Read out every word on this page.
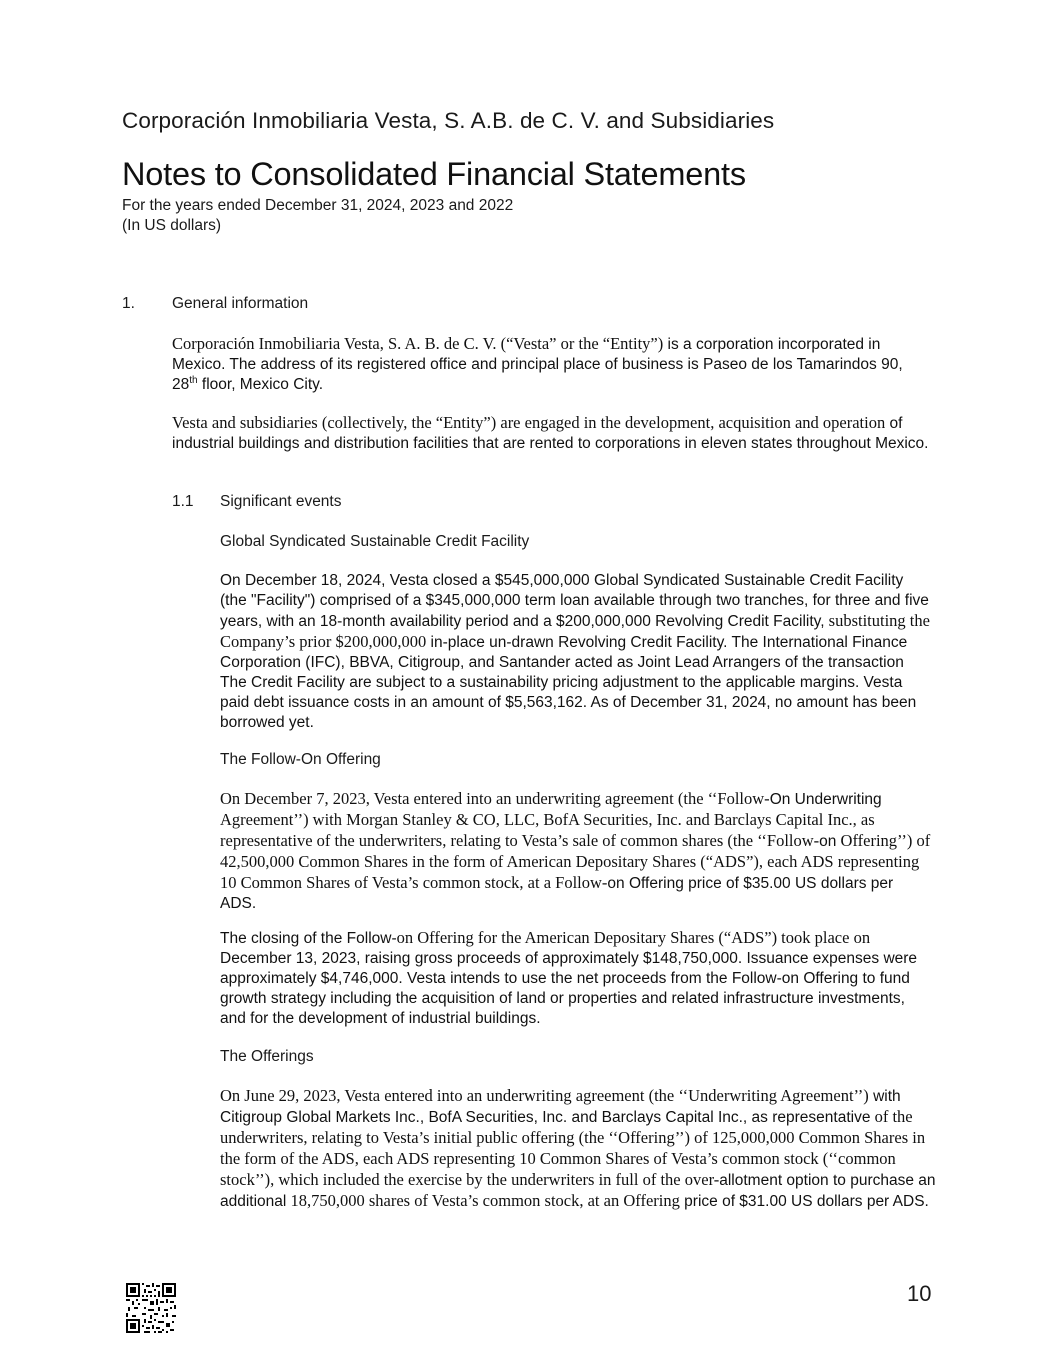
Corporación Inmobiliaria Vesta, S. A.B. de C. V. and Subsidiaries
Notes to Consolidated Financial Statements
For the years ended December 31, 2024, 2023 and 2022
(In US dollars)
1. General information
Corporación Inmobiliaria Vesta, S. A. B. de C. V. (“Vesta” or the “Entity”) is a corporation incorporated in Mexico. The address of its registered office and principal place of business is Paseo de los Tamarindos 90, 28th floor, Mexico City.
Vesta and subsidiaries (collectively, the “Entity”) are engaged in the development, acquisition and operation of industrial buildings and distribution facilities that are rented to corporations in eleven states throughout Mexico.
1.1 Significant events
Global Syndicated Sustainable Credit Facility
On December 18, 2024, Vesta closed a $545,000,000 Global Syndicated Sustainable Credit Facility (the "Facility") comprised of a $345,000,000 term loan available through two tranches, for three and five years, with an 18-month availability period and a $200,000,000 Revolving Credit Facility, substituting the Company’s prior $200,000,000 in-place un-drawn Revolving Credit Facility. The International Finance Corporation (IFC), BBVA, Citigroup, and Santander acted as Joint Lead Arrangers of the transaction The Credit Facility are subject to a sustainability pricing adjustment to the applicable margins. Vesta paid debt issuance costs in an amount of $5,563,162. As of December 31, 2024, no amount has been borrowed yet.
The Follow-On Offering
On December 7, 2023, Vesta entered into an underwriting agreement (the ‘‘Follow-On Underwriting Agreement’’) with Morgan Stanley & CO, LLC, BofA Securities, Inc. and Barclays Capital Inc., as representative of the underwriters, relating to Vesta’s sale of common shares (the ‘‘Follow-on Offering’’) of 42,500,000 Common Shares in the form of American Depositary Shares (“ADS”), each ADS representing 10 Common Shares of Vesta’s common stock, at a Follow-on Offering price of $35.00 US dollars per ADS.
The closing of the Follow-on Offering for the American Depositary Shares (“ADS”) took place on December 13, 2023, raising gross proceeds of approximately $148,750,000. Issuance expenses were approximately $4,746,000. Vesta intends to use the net proceeds from the Follow-on Offering to fund growth strategy including the acquisition of land or properties and related infrastructure investments, and for the development of industrial buildings.
The Offerings
On June 29, 2023, Vesta entered into an underwriting agreement (the ‘‘Underwriting Agreement’’) with Citigroup Global Markets Inc., BofA Securities, Inc. and Barclays Capital Inc., as representative of the underwriters, relating to Vesta’s initial public offering (the ‘‘Offering’’) of 125,000,000 Common Shares in the form of the ADS, each ADS representing 10 Common Shares of Vesta’s common stock (‘‘common stock’’), which included the exercise by the underwriters in full of the over-allotment option to purchase an additional 18,750,000 shares of Vesta’s common stock, at an Offering price of $31.00 US dollars per ADS.
10
